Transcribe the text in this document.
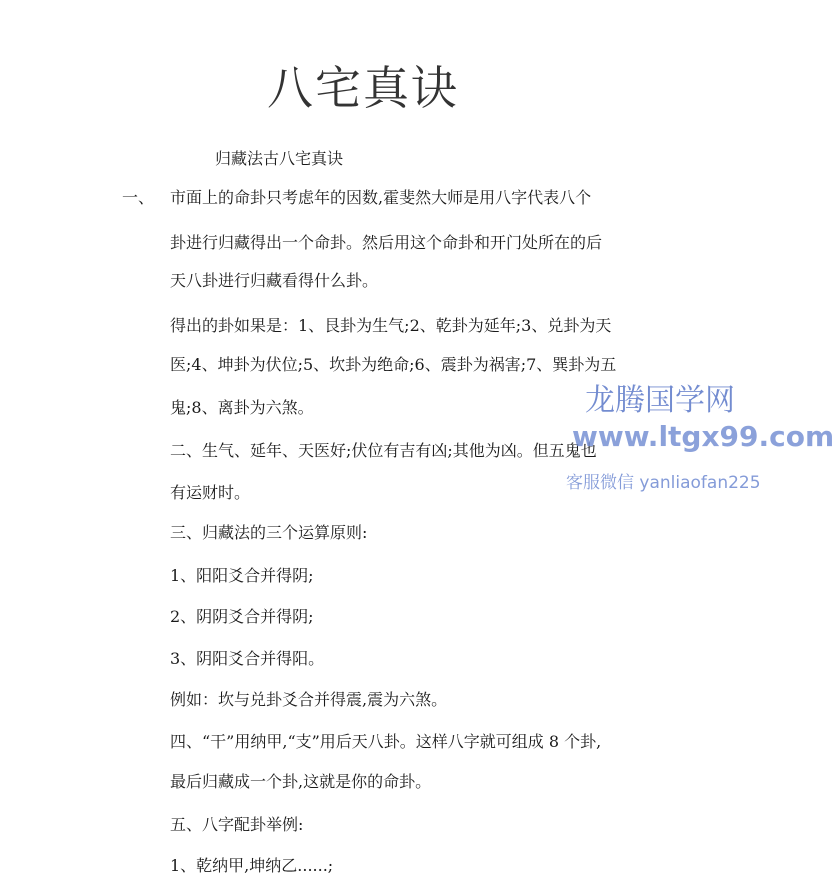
八宅真诀
归藏法古八宅真诀
一、 市面上的命卦只考虑年的因数,霍斐然大师是用八字代表八个
卦进行归藏得出一个命卦。然后用这个命卦和开门处所在的后
天八卦进行归藏看得什么卦。
得出的卦如果是：1、艮卦为生气;2、乾卦为延年;3、兑卦为天
医;4、坤卦为伏位;5、坎卦为绝命;6、震卦为祸害;7、巽卦为五
鬼;8、离卦为六煞。
二、生气、延年、天医好;伏位有吉有凶;其他为凶。但五鬼也
有运财时。
三、归藏法的三个运算原则:
1、阳阳爻合并得阴;
2、阴阴爻合并得阴;
3、阴阳爻合并得阳。
例如：坎与兑卦爻合并得震,震为六煞。
四、“干”用纳甲,“支”用后天八卦。这样八字就可组成 8 个卦,
最后归藏成一个卦,这就是你的命卦。
五、八字配卦举例:
1、乾纳甲,坤纳乙......;
龙腾国学网
www.ltgx99.com
客服微信 yanliaofan225
